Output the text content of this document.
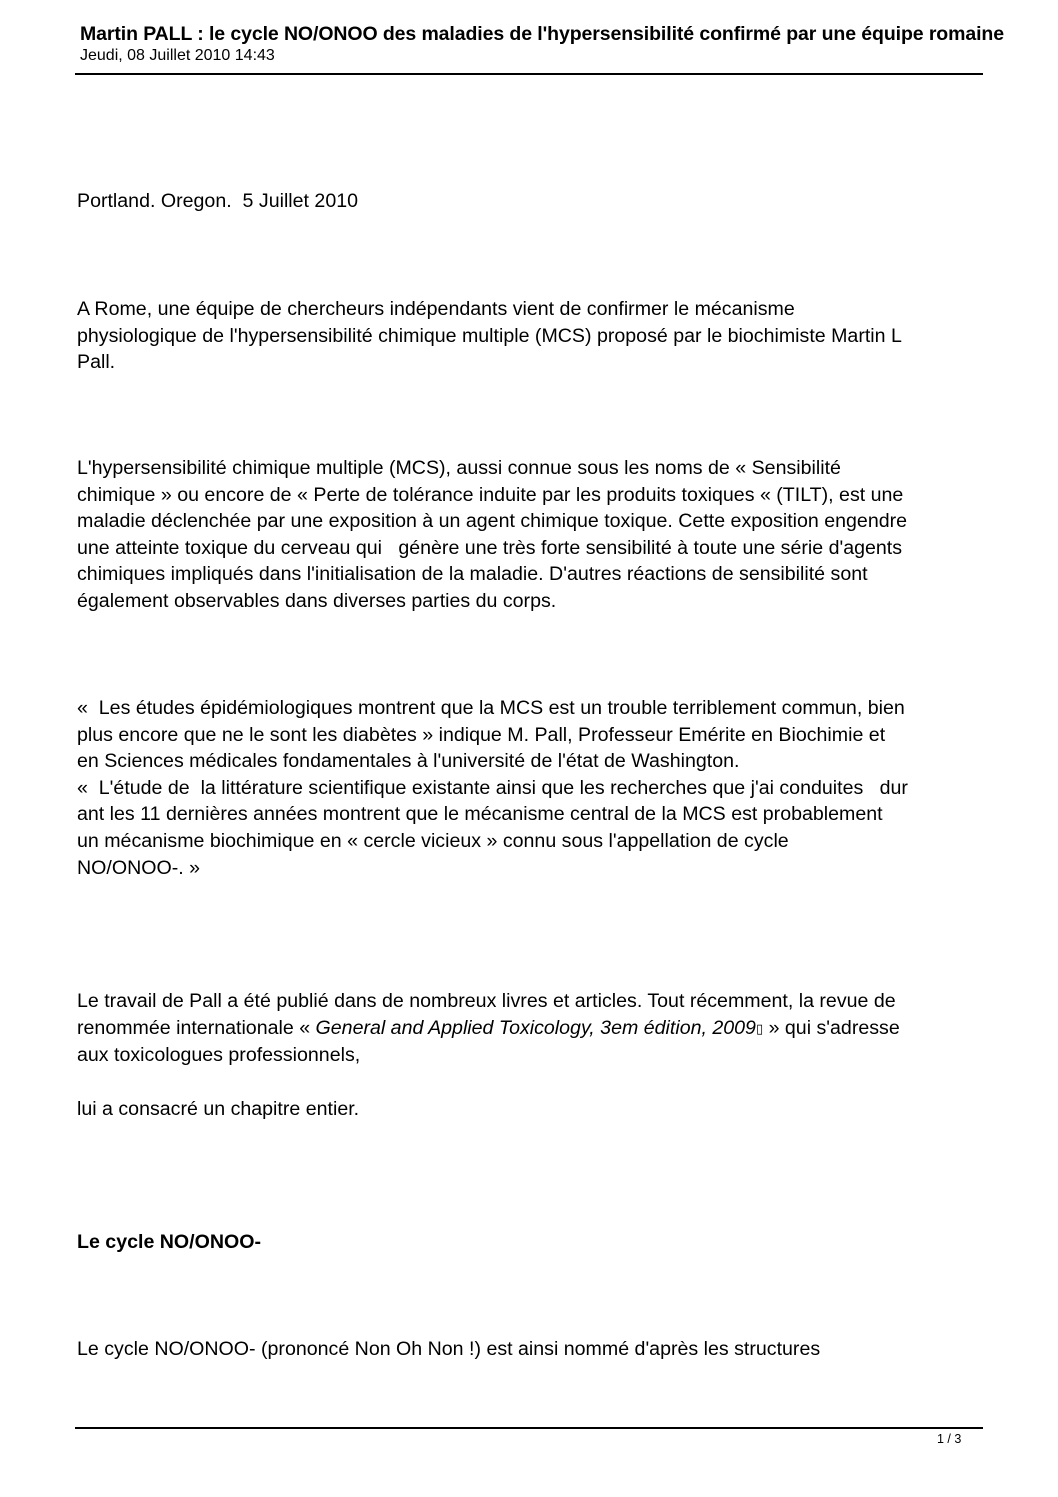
Martin PALL : le cycle NO/ONOO des maladies de l'hypersensibilité confirmé par une équipe romaine

Jeudi, 08 Juillet 2010 14:43

Portland. Oregon.  5 Juillet 2010

A Rome, une équipe de chercheurs indépendants vient de confirmer le mécanisme
physiologique de l'hypersensibilité chimique multiple (MCS) proposé par le biochimiste Martin L
Pall.

L'hypersensibilité chimique multiple (MCS), aussi connue sous les noms de « Sensibilité
chimique » ou encore de « Perte de tolérance induite par les produits toxiques « (TILT), est une
maladie déclenchée par une exposition à un agent chimique toxique. Cette exposition engendre
une atteinte toxique du cerveau qui   génère une très forte sensibilité à toute une série d'agents
chimiques impliqués dans l'initialisation de la maladie. D'autres réactions de sensibilité sont
également observables dans diverses parties du corps.

«  Les études épidémiologiques montrent que la MCS est un trouble terriblement commun, bien
plus encore que ne le sont les diabètes » indique M. Pall, Professeur Emérite en Biochimie et
en Sciences médicales fondamentales à l'université de l'état de Washington.
«  L'étude de  la littérature scientifique existante ainsi que les recherches que j'ai conduites   dur
ant les 11 dernières années montrent que le mécanisme central de la MCS est probablement
un mécanisme biochimique en « cercle vicieux » connu sous l'appellation de cycle
NO/ONOO-. »

Le travail de Pall a été publié dans de nombreux livres et articles. Tout récemment, la revue de
renommée internationale « General and Applied Toxicology, 3em édition, 2009▯ » qui s'adresse
aux toxicologues professionnels,

lui a consacré un chapitre entier.

Le cycle NO/ONOO-

Le cycle NO/ONOO- (prononcé Non Oh Non !) est ainsi nommé d'après les structures

1 / 3
